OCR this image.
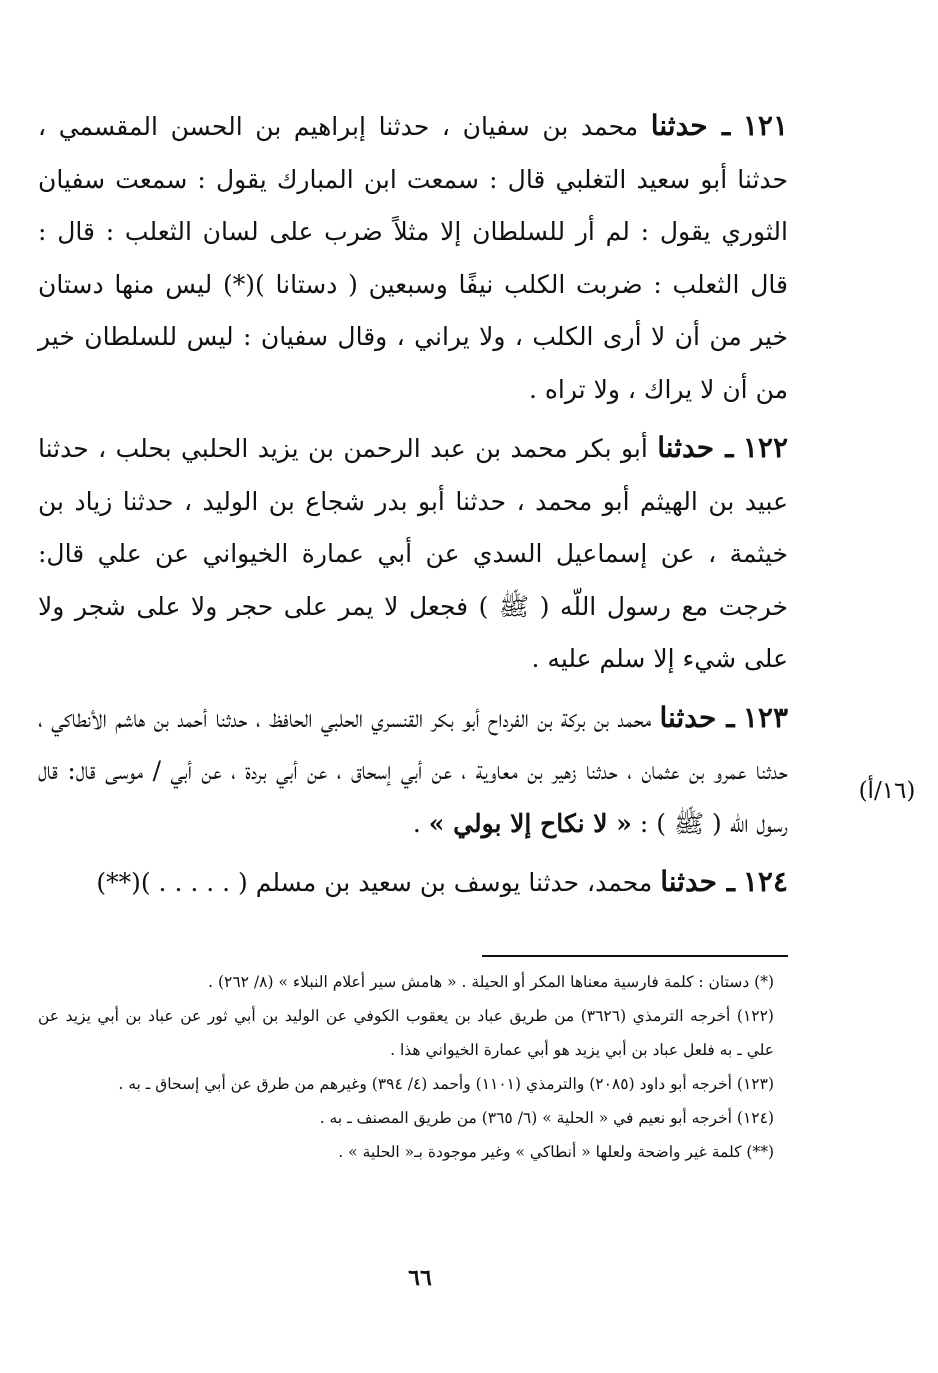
١٢١ ـ حدثنا محمد بن سفيان ، حدثنا إبراهيم بن الحسن المقسمي ، حدثنا أبو سعيد التغلبي قال : سمعت ابن المبارك يقول : سمعت سفيان الثوري يقول : لم أر للسلطان إلا مثلاً ضرب على لسان الثعلب : قال : قال الثعلب : ضربت الكلب نيفًا وسبعين ( دستانا )(*) ليس منها دستان خير من أن لا أرى الكلب ، ولا يراني ، وقال سفيان : ليس للسلطان خير من أن لا يراك ، ولا تراه .

١٢٢ ـ حدثنا أبو بكر محمد بن عبد الرحمن بن يزيد الحلبي بحلب ، حدثنا عبيد بن الهيثم أبو محمد ، حدثنا أبو بدر شجاع بن الوليد ، حدثنا زياد بن خيثمة ، عن إسماعيل السدي عن أبي عمارة الخيواني عن علي قال: خرجت مع رسول اللّه ( ﷺ ) فجعل لا يمر على حجر ولا على شجر ولا على شيء إلا سلم عليه .

١٢٣ ـ حدثنا محمد بن بركة بن الفرداح أبو بكر القنسري الحلبي الحافظ ، حدثنا أحمد بن هاشم الأنطاكي ، حدثنا عمرو بن عثمان ، حدثنا زهير بن معاوية ، عن أبي إسحاق ، عن أبي بردة ، عن أبي / موسى قال: قال رسول اللّه ( ﷺ ) : « لا نكاح إلا بولي » .

١٢٤ ـ حدثنا محمد، حدثنا يوسف بن سعيد بن مسلم ( . . . . . )(**)

(١٦/أ)

(*) دستان : كلمة فارسية معناها المكر أو الحيلة . « هامش سير أعلام النبلاء » (٨/ ٢٦٢) .

(١٢٢) أخرجه الترمذي (٣٦٢٦) من طريق عباد بن يعقوب الكوفي عن الوليد بن أبي ثور عن عباد بن أبي يزيد عن علي ـ به فلعل عباد بن أبي يزيد هو أبي عمارة الخيواني هذا .

(١٢٣) أخرجه أبو داود (٢٠٨٥) والترمذي (١١٠١) وأحمد (٤/ ٣٩٤) وغيرهم من طرق عن أبي إسحاق ـ به .

(١٢٤) أخرجه أبو نعيم في « الحلية » (٦/ ٣٦٥) من طريق المصنف ـ به .

(**) كلمة غير واضحة ولعلها « أنطاكي » وغير موجودة بـ« الحلية » .

٦٦
